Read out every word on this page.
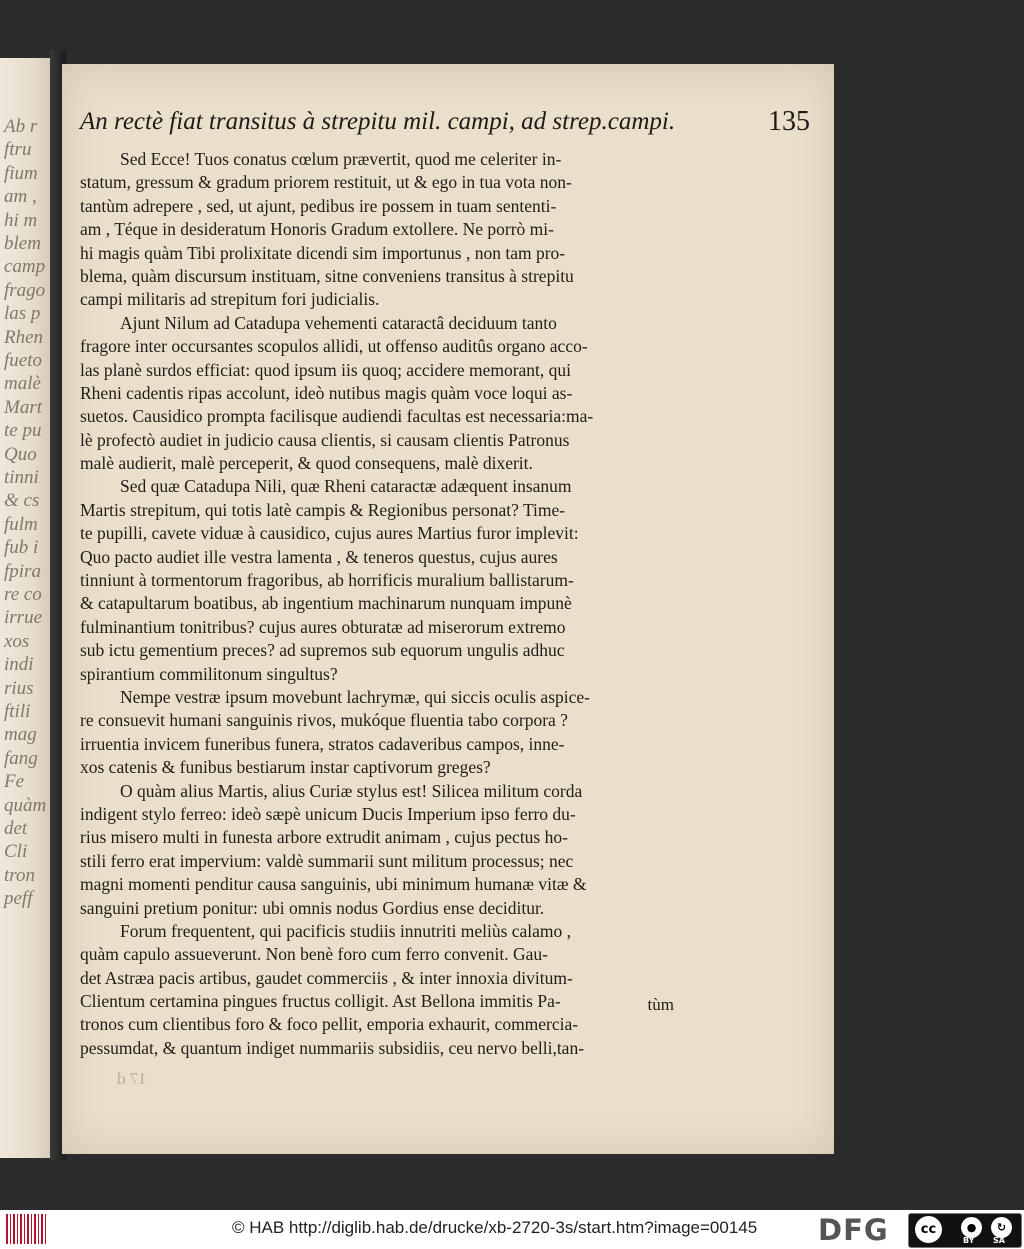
Ab r
ftru
fium
am ,
hi m
blem
camp
frago
las p
Rhen
fueto
malè
Mart
te pu
Quo
tinni
& cs
fulm
fub i
fpira
re co
irrue
xos
indi
rius
ftili
mag
fang
Fe
quàm
det
Cli
tron
peff
An rectè fiat transitus à strepitu mil. campi, ad strep.campi.	135
Sed Ecce! Tuos conatus cœlum prævertit, quod me celeriter in-
statum, gressum & gradum priorem restituit, ut & ego in tua vota non-
tantùm adrepere , sed, ut ajunt, pedibus ire possem in tuam sententi-
am , Téque in desideratum Honoris Gradum extollere. Ne porrò mi-
hi magis quàm Tibi prolixitate dicendi sim importunus , non tam pro-
blema, quàm discursum instituam, sitne conveniens transitus à strepitu
campi militaris ad strepitum fori judicialis.
Ajunt Nilum ad Catadupa vehementi cataractâ deciduum tanto
fragore inter occursantes scopulos allidi, ut offenso auditûs organo acco-
las planè surdos efficiat: quod ipsum iis quoq; accidere memorant, qui
Rheni cadentis ripas accolunt, ideò nutibus magis quàm voce loqui as-
suetos. Causidico prompta facilisque audiendi facultas est necessaria:ma-
lè profectò audiet in judicio causa clientis, si causam clientis Patronus
malè audierit, malè perceperit, & quod consequens, malè dixerit.
Sed quæ Catadupa Nili, quæ Rheni cataractæ adæquent insanum
Martis strepitum, qui totis latè campis & Regionibus personat? Time-
te pupilli, cavete viduæ à causidico, cujus aures Martius furor implevit:
Quo pacto audiet ille vestra lamenta , & teneros questus, cujus aures
tinniunt à tormentorum fragoribus, ab horrificis muralium ballistarum-
& catapultarum boatibus, ab ingentium machinarum nunquam impunè
fulminantium tonitribus? cujus aures obturatæ ad miserorum extremo
sub ictu gementium preces? ad supremos sub equorum ungulis adhuc
spirantium commilitonum singultus?
Nempe vestræ ipsum movebunt lachrymæ, qui siccis oculis aspice-
re consuevit humani sanguinis rivos, mukóque fluentia tabo corpora ?
irruentia invicem funeribus funera, stratos cadaveribus campos, inne-
xos catenis & funibus bestiarum instar captivorum greges?
O quàm alius Martis, alius Curiæ stylus est! Silicea militum corda
indigent stylo ferreo: ideò sæpè unicum Ducis Imperium ipso ferro du-
rius misero multi in funesta arbore extrudit animam , cujus pectus ho-
stili ferro erat impervium: valdè summarii sunt militum processus; nec
magni momenti penditur causa sanguinis, ubi minimum humanæ vitæ &
sanguini pretium ponitur: ubi omnis nodus Gordius ense deciditur.
Forum frequentent, qui pacificis studiis innutriti meliùs calamo ,
quàm capulo assueverunt. Non benè foro cum ferro convenit. Gau-
det Astræa pacis artibus, gaudet commerciis , & inter innoxia divitum-
Clientum certamina pingues fructus colligit. Ast Bellona immitis Pa-
tronos cum clientibus foro & foco pellit, emporia exhaurit, commercia-
pessumdat, & quantum indiget nummariis subsidiis, ceu nervo belli,tan-
tùm
17 d
© HAB http://diglib.hab.de/drucke/xb-2720-3s/start.htm?image=00145 DFG	cc	●	↻
BY SA
